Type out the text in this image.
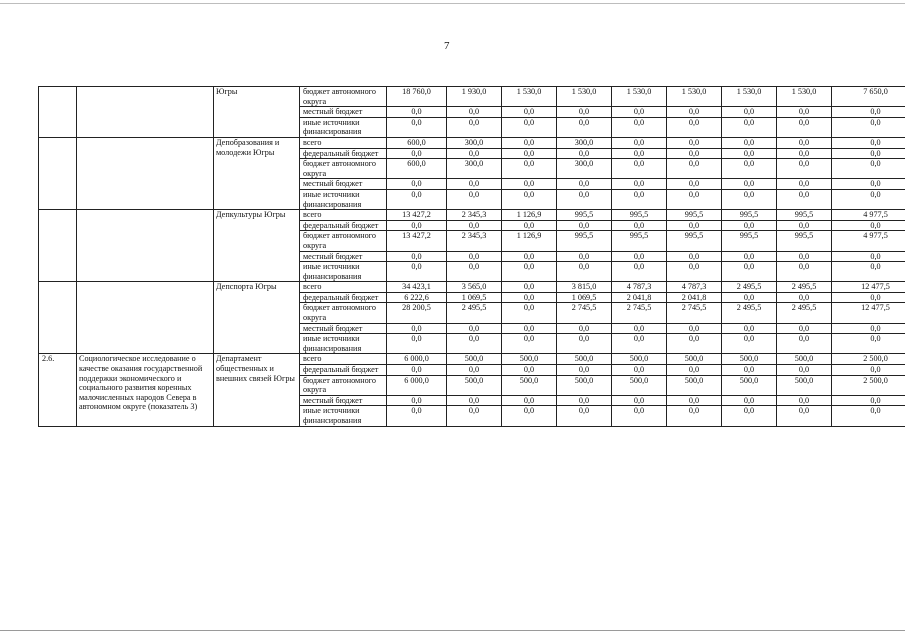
7
		Югры	бюджет автономного округа	18 760,0	1 930,0	1 530,0	1 530,0	1 530,0	1 530,0	1 530,0	1 530,0	7 650,0
			местный бюджет	0,0	0,0	0,0	0,0	0,0	0,0	0,0	0,0	0,0
			иные источники финансирования	0,0	0,0	0,0	0,0	0,0	0,0	0,0	0,0	0,0
		Депобразования и молодежи Югры	всего	600,0	300,0	0,0	300,0	0,0	0,0	0,0	0,0	0,0
			федеральный бюджет	0,0	0,0	0,0	0,0	0,0	0,0	0,0	0,0	0,0
			бюджет автономного округа	600,0	300,0	0,0	300,0	0,0	0,0	0,0	0,0	0,0
			местный бюджет	0,0	0,0	0,0	0,0	0,0	0,0	0,0	0,0	0,0
			иные источники финансирования	0,0	0,0	0,0	0,0	0,0	0,0	0,0	0,0	0,0
		Депкультуры Югры	всего	13 427,2	2 345,3	1 126,9	995,5	995,5	995,5	995,5	995,5	4 977,5
			федеральный бюджет	0,0	0,0	0,0	0,0	0,0	0,0	0,0	0,0	0,0
			бюджет автономного округа	13 427,2	2 345,3	1 126,9	995,5	995,5	995,5	995,5	995,5	4 977,5
			местный бюджет	0,0	0,0	0,0	0,0	0,0	0,0	0,0	0,0	0,0
			иные источники финансирования	0,0	0,0	0,0	0,0	0,0	0,0	0,0	0,0	0,0
		Депспорта Югры	всего	34 423,1	3 565,0	0,0	3 815,0	4 787,3	4 787,3	2 495,5	2 495,5	12 477,5
			федеральный бюджет	6 222,6	1 069,5	0,0	1 069,5	2 041,8	2 041,8	0,0	0,0	0,0
			бюджет автономного округа	28 200,5	2 495,5	0,0	2 745,5	2 745,5	2 745,5	2 495,5	2 495,5	12 477,5
			местный бюджет	0,0	0,0	0,0	0,0	0,0	0,0	0,0	0,0	0,0
			иные источники финансирования	0,0	0,0	0,0	0,0	0,0	0,0	0,0	0,0	0,0
2.6.	Социологическое исследование о качестве оказания государственной поддержки экономического и социального развития коренных малочисленных народов Севера в автономном округе (показатель 3)	Департамент общественных и внешних связей Югры	всего	6 000,0	500,0	500,0	500,0	500,0	500,0	500,0	500,0	2 500,0
			федеральный бюджет	0,0	0,0	0,0	0,0	0,0	0,0	0,0	0,0	0,0
			бюджет автономного округа	6 000,0	500,0	500,0	500,0	500,0	500,0	500,0	500,0	2 500,0
			местный бюджет	0,0	0,0	0,0	0,0	0,0	0,0	0,0	0,0	0,0
			иные источники финансирования	0,0	0,0	0,0	0,0	0,0	0,0	0,0	0,0	0,0
